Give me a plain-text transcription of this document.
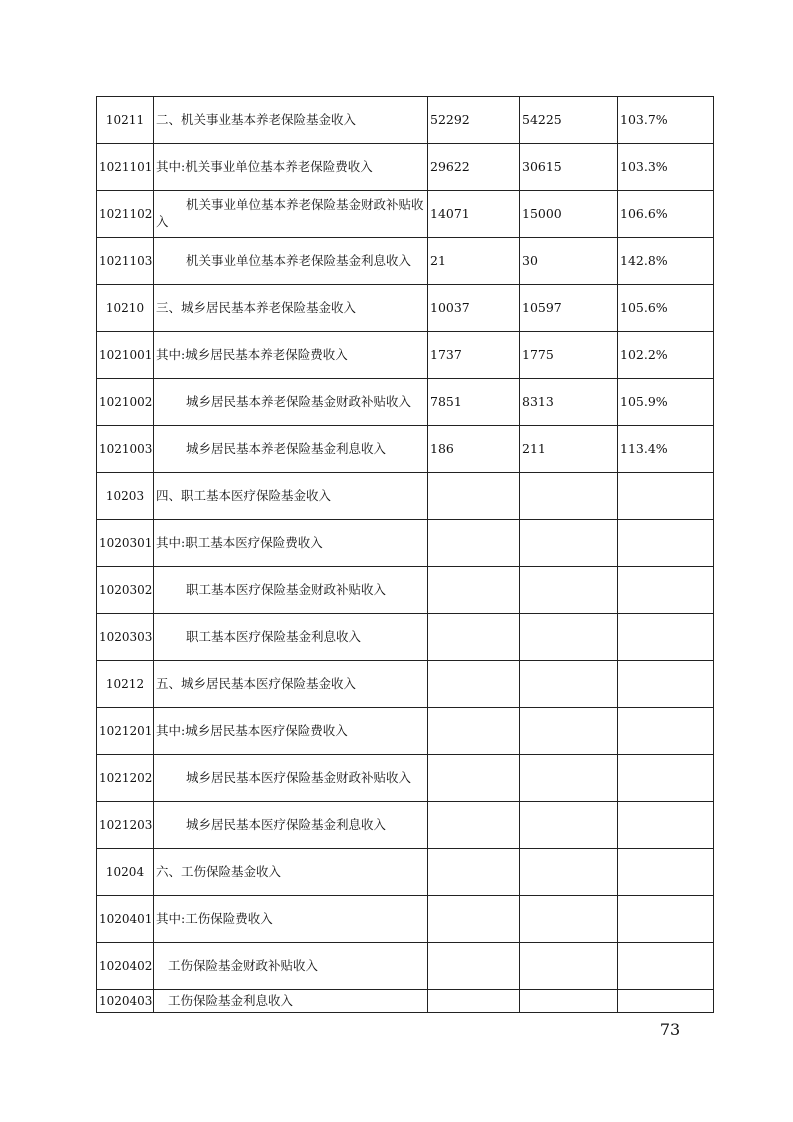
10211	二、机关事业基本养老保险基金收入	52292	54225	103.7%
1021101	其中:机关事业单位基本养老保险费收入	29622	30615	103.3%
1021102	机关事业单位基本养老保险基金财政补贴收入	14071	15000	106.6%
1021103	机关事业单位基本养老保险基金利息收入	21	30	142.8%
10210	三、城乡居民基本养老保险基金收入	10037	10597	105.6%
1021001	其中:城乡居民基本养老保险费收入	1737	1775	102.2%
1021002	城乡居民基本养老保险基金财政补贴收入	7851	8313	105.9%
1021003	城乡居民基本养老保险基金利息收入	186	211	113.4%
10203	四、职工基本医疗保险基金收入			
1020301	其中:职工基本医疗保险费收入			
1020302	职工基本医疗保险基金财政补贴收入			
1020303	职工基本医疗保险基金利息收入			
10212	五、城乡居民基本医疗保险基金收入			
1021201	其中:城乡居民基本医疗保险费收入			
1021202	城乡居民基本医疗保险基金财政补贴收入			
1021203	城乡居民基本医疗保险基金利息收入			
10204	六、工伤保险基金收入			
1020401	其中:工伤保险费收入			
1020402	工伤保险基金财政补贴收入			
1020403	工伤保险基金利息收入			
73
